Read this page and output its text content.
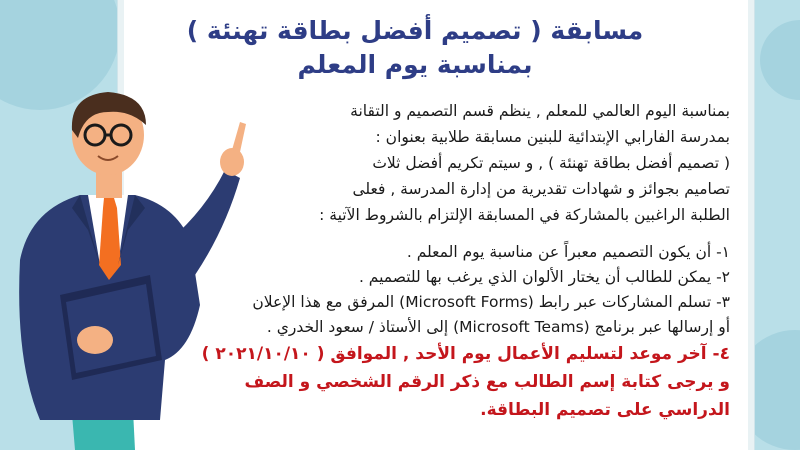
مسابقة ( تصميم أفضل بطاقة تهنئة )

بمناسبة يوم المعلم

بمناسبة اليوم العالمي للمعلم , ينظم قسم التصميم و التقانة
بمدرسة الفارابي الإبتدائية للبنين مسابقة طلابية بعنوان :
( تصميم أفضل بطاقة تهنئة ) , و سيتم تكريم أفضل ثلاث
تصاميم بجوائز و شهادات تقديرية من إدارة المدرسة , فعلى
الطلبة الراغبين بالمشاركة في المسابقة الإلتزام بالشروط الآتية :
١- أن يكون التصميم معبراً عن مناسبة يوم المعلم .
٢- يمكن للطالب أن يختار الألوان الذي يرغب بها للتصميم .
٣- تسلم المشاركات عبر رابط (Microsoft Forms) المرفق مع هذا الإعلان
أو إرسالها عبر برنامج (Microsoft Teams) إلى الأستاذ / سعود الخدري .
٤- آخر موعد لتسليم الأعمال يوم الأحد , الموافق ( ٢٠٢١/١٠/١٠ )
و يرجى كتابة إسم الطالب مع ذكر الرقم الشخصي و الصف
الدراسي على تصميم البطاقة.
